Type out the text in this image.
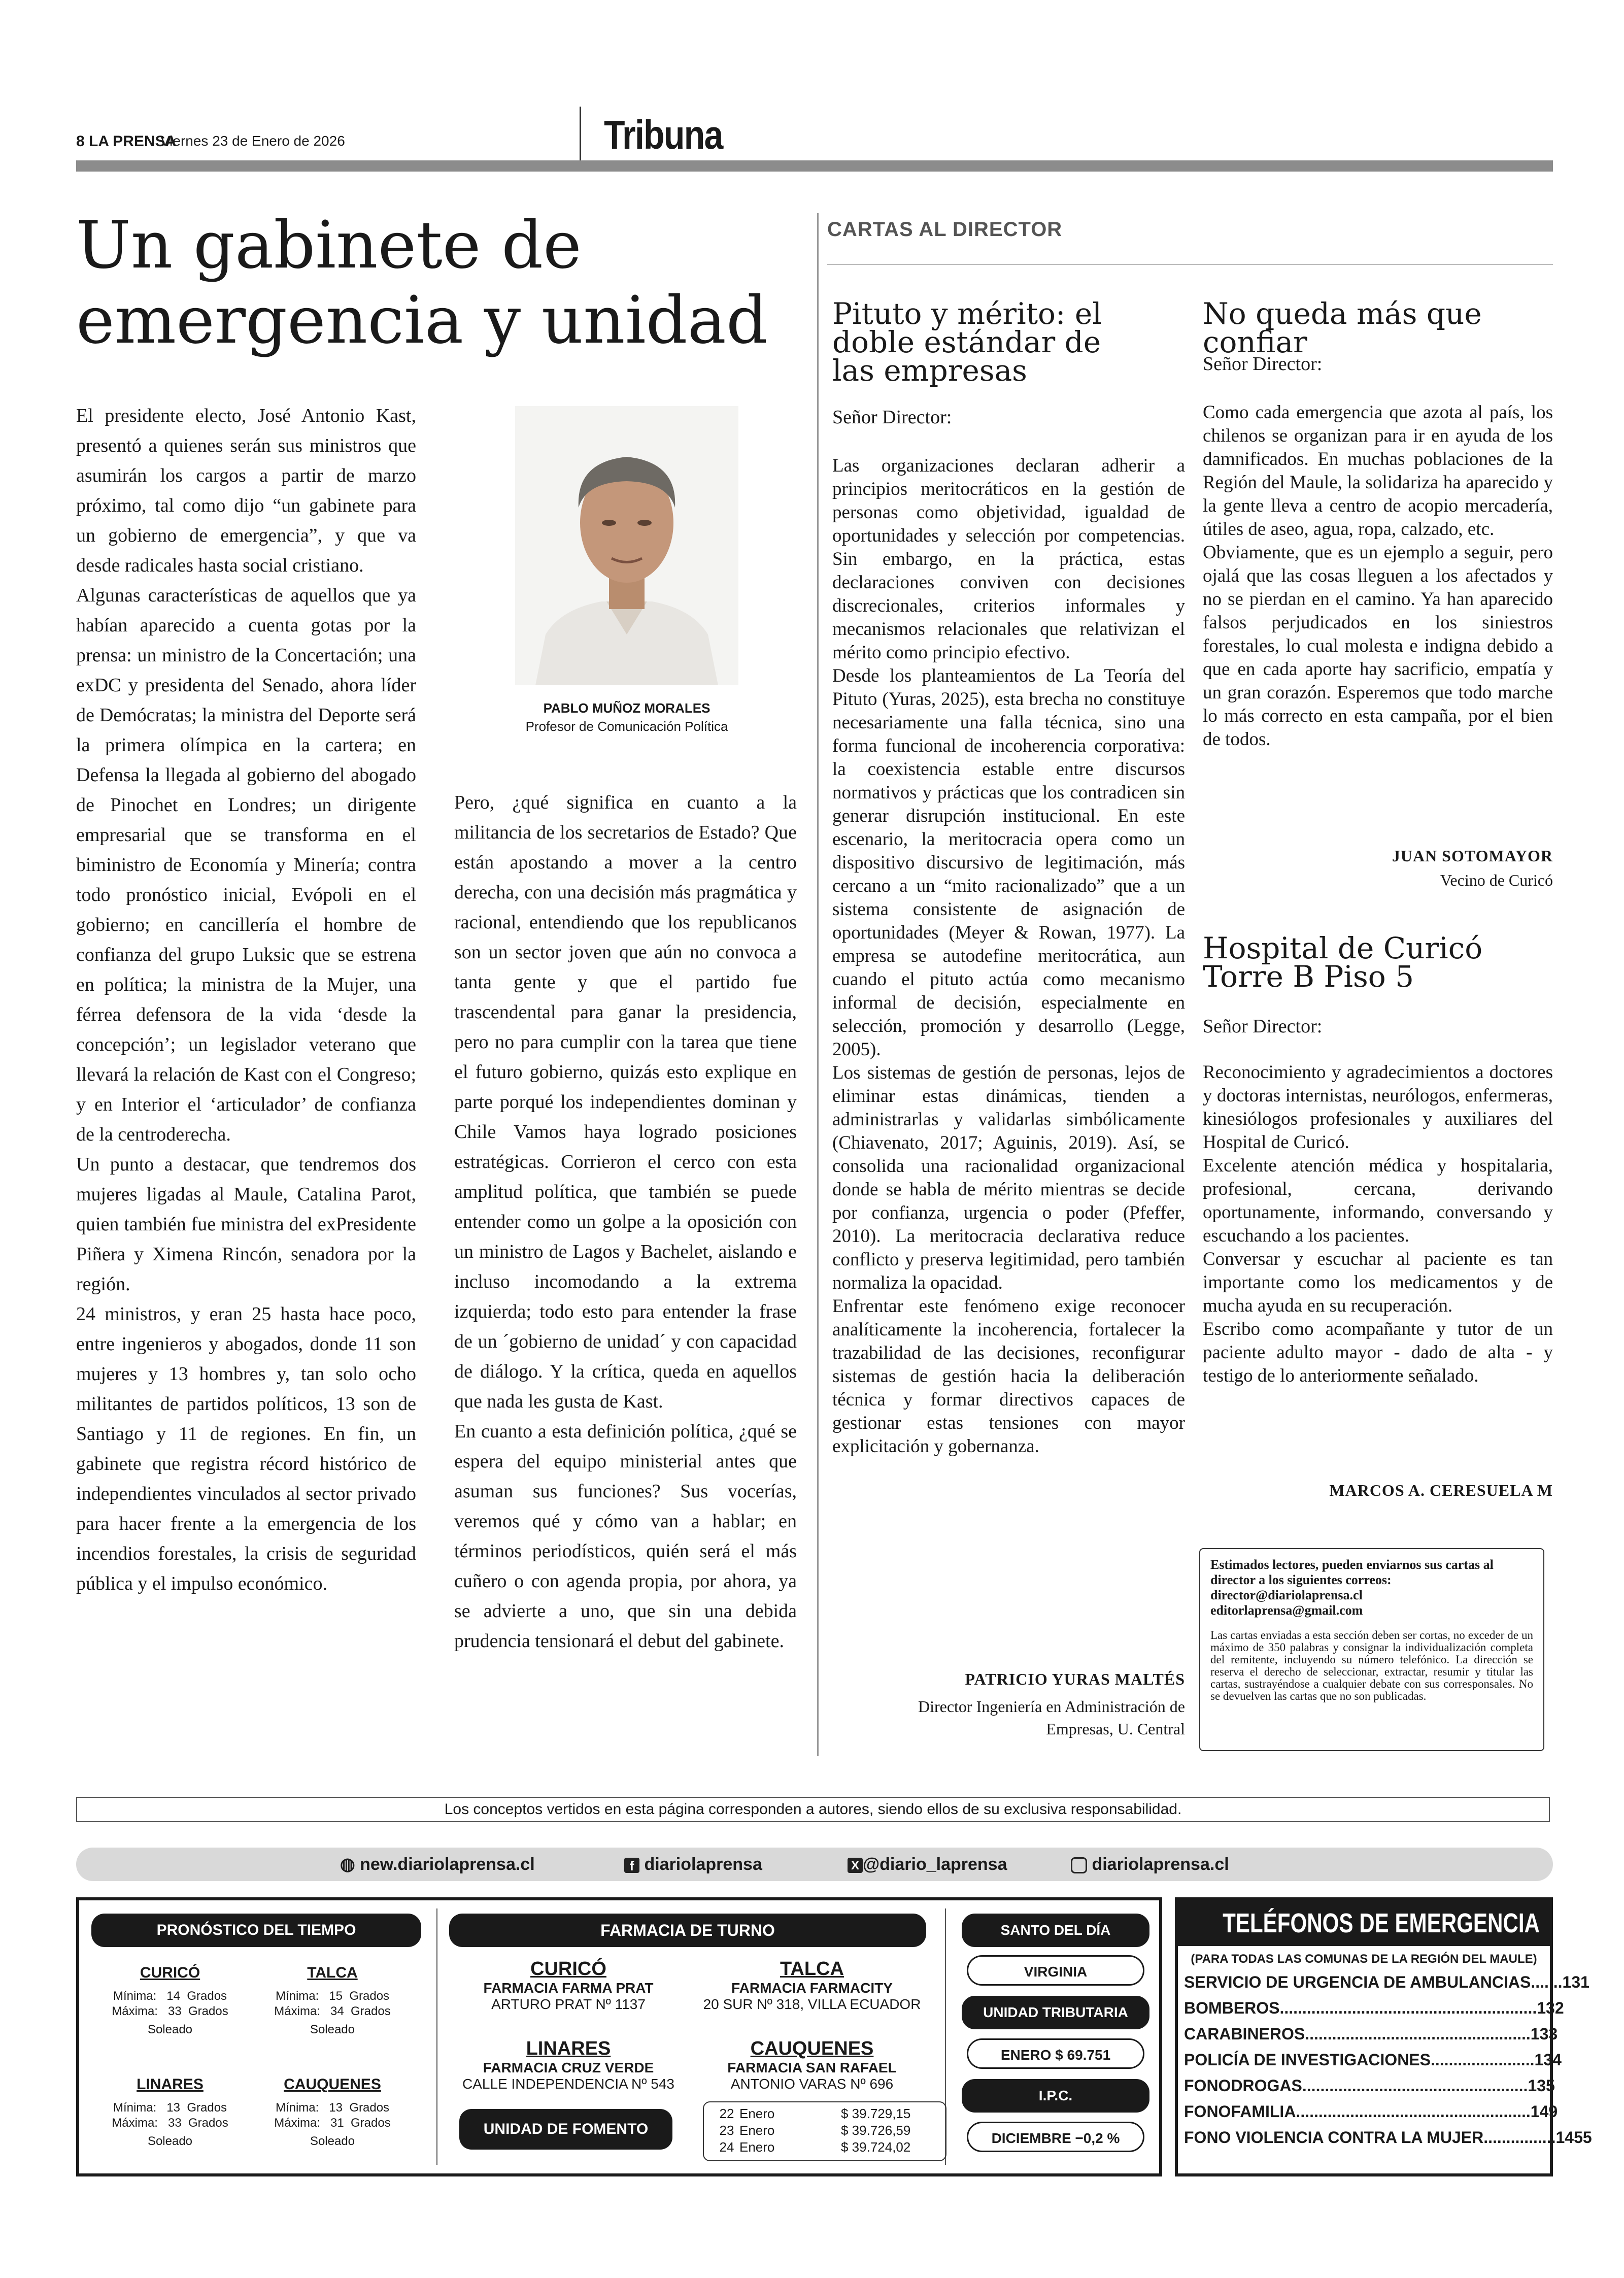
8 LA PRENSA
Viernes 23 de Enero de 2026	Tribuna
Un gabinete de
emergencia y unidad

El presidente electo, José Antonio Kast, presentó a quienes serán sus ministros que asumirán los cargos a partir de marzo próximo, tal como dijo “un gabinete para un gobierno de emergencia”, y que va desde radicales hasta social cristiano.

Algunas características de aquellos que ya habían aparecido a cuenta gotas por la prensa: un ministro de la Concertación; una exDC y presidenta del Senado, ahora líder de Demócratas; la ministra del Deporte será la primera olímpica en la cartera; en Defensa la llegada al gobierno del abogado de Pinochet en Londres; un dirigente empresarial que se transforma en el biministro de Economía y Minería; contra todo pronóstico inicial, Evópoli en el gobierno; en cancillería el hombre de confianza del grupo Luksic que se estrena en política; la ministra de la Mujer, una férrea defensora de la vida ‘desde la concepción’; un legislador veterano que llevará la relación de Kast con el Congreso; y en Interior el ‘articulador’ de confianza de la centroderecha.

Un punto a destacar, que tendremos dos mujeres ligadas al Maule, Catalina Parot, quien también fue ministra del exPresidente Piñera y Ximena Rincón, senadora por la región.

24 ministros, y eran 25 hasta hace poco, entre ingenieros y abogados, donde 11 son mujeres y 13 hombres y, tan solo ocho militantes de partidos políticos, 13 son de Santiago y 11 de regiones. En fin, un gabinete que registra récord histórico de independientes vinculados al sector privado para hacer frente a la emergencia de los incendios forestales, la crisis de seguridad pública y el impulso económico.

PABLO MUÑOZ MORALES
Profesor de Comunicación Política

Pero, ¿qué significa en cuanto a la militancia de los secretarios de Estado? Que están apostando a mover a la centro derecha, con una decisión más pragmática y racional, entendiendo que los republicanos son un sector joven que aún no convoca a tanta gente y que el partido fue trascendental para ganar la presidencia, pero no para cumplir con la tarea que tiene el futuro gobierno, quizás esto explique en parte porqué los independientes dominan y Chile Vamos haya logrado posiciones estratégicas. Corrieron el cerco con esta amplitud política, que también se puede entender como un golpe a la oposición con un ministro de Lagos y Bachelet, aislando e incluso incomodando a la extrema izquierda; todo esto para entender la frase de un ´gobierno de unidad´ y con capacidad de diálogo. Y la crítica, queda en aquellos que nada les gusta de Kast.

En cuanto a esta definición política, ¿qué se espera del equipo ministerial antes que asuman sus funciones? Sus vocerías, veremos qué y cómo van a hablar; en términos periodísticos, quién será el más cuñero o con agenda propia, por ahora, ya se advierte a uno, que sin una debida prudencia tensionará el debut del gabinete.

CARTAS AL DIRECTOR
Pituto y mérito: el doble estándar de las empresas
Señor Director:

Las organizaciones declaran adherir a principios meritocráticos en la gestión de personas como objetividad, igualdad de oportunidades y selección por competencias. Sin embargo, en la práctica, estas declaraciones conviven con decisiones discrecionales, criterios informales y mecanismos relacionales que relativizan el mérito como principio efectivo.

Desde los planteamientos de La Teoría del Pituto (Yuras, 2025), esta brecha no constituye necesariamente una falla técnica, sino una forma funcional de incoherencia corporativa: la coexistencia estable entre discursos normativos y prácticas que los contradicen sin generar disrupción institucional. En este escenario, la meritocracia opera como un dispositivo discursivo de legitimación, más cercano a un “mito racionalizado” que a un sistema consistente de asignación de oportunidades (Meyer & Rowan, 1977). La empresa se autodefine meritocrática, aun cuando el pituto actúa como mecanismo informal de decisión, especialmente en selección, promoción y desarrollo (Legge, 2005).

Los sistemas de gestión de personas, lejos de eliminar estas dinámicas, tienden a administrarlas y validarlas simbólicamente (Chiavenato, 2017; Aguinis, 2019). Así, se consolida una racionalidad organizacional donde se habla de mérito mientras se decide por confianza, urgencia o poder (Pfeffer, 2010). La meritocracia declarativa reduce conflicto y preserva legitimidad, pero también normaliza la opacidad.

Enfrentar este fenómeno exige reconocer analíticamente la incoherencia, fortalecer la trazabilidad de las decisiones, reconfigurar sistemas de gestión hacia la deliberación técnica y formar directivos capaces de gestionar estas tensiones con mayor explicitación y gobernanza.

PATRICIO YURAS MALTÉS
Director Ingeniería en Administración de
Empresas, U. Central
No queda más que confiar
Señor Director:

Como cada emergencia que azota al país, los chilenos se organizan para ir en ayuda de los damnificados. En muchas poblaciones de la Región del Maule, la solidariza ha aparecido y la gente lleva a centro de acopio mercadería, útiles de aseo, agua, ropa, calzado, etc.

Obviamente, que es un ejemplo a seguir, pero ojalá que las cosas lleguen a los afectados y no se pierdan en el camino. Ya han aparecido falsos perjudicados en los siniestros forestales, lo cual molesta e indigna debido a que en cada aporte hay sacrificio, empatía y un gran corazón. Esperemos que todo marche lo más correcto en esta campaña, por el bien de todos.

JUAN SOTOMAYOR
Vecino de Curicó
Hospital de Curicó
Torre B Piso 5
Señor Director:

Reconocimiento y agradecimientos a doctores y doctoras internistas, neurólogos, enfermeras, kinesiólogos profesionales y auxiliares del Hospital de Curicó.

Excelente atención médica y hospitalaria, profesional, cercana, derivando oportunamente, informando, conversando y escuchando a los pacientes.

Conversar y escuchar al paciente es tan importante como los medicamentos y de mucha ayuda en su recuperación.

Escribo como acompañante y tutor de un paciente adulto mayor - dado de alta - y testigo de lo anteriormente señalado.

MARCOS A. CERESUELA M
Estimados lectores, pueden enviarnos sus cartas al director a los siguientes correos:
director@diariolaprensa.cl
editorlaprensa@gmail.com
Las cartas enviadas a esta sección deben ser cortas, no exceder de un máximo de 350 palabras y consignar la individualización completa del remitente, incluyendo su número telefónico. La dirección se reserva el derecho de seleccionar, extractar, resumir y titular las cartas, sustrayéndose a cualquier debate con sus corresponsales. No se devuelven las cartas que no son publicadas.
Los conceptos vertidos en esta página corresponden a autores, siendo ellos de su exclusiva responsabilidad.
◍ new.diariolaprensa.cl	f diariolaprensa	X @diario_laprensa	diariolaprensa.cl
PRONÓSTICO DEL TIEMPO
CURICÓ
Mínima:   14  Grados
Máxima:   33  Grados
Soleado
TALCA
Mínima:   15  Grados
Máxima:   34  Grados
Soleado
LINARES
Mínima:   13  Grados
Máxima:   33  Grados
Soleado
CAUQUENES
Mínima:   13  Grados
Máxima:   31  Grados
Soleado
FARMACIA DE TURNO
CURICÓ
FARMACIA FARMA PRAT
ARTURO PRAT Nº 1137
TALCA
FARMACIA FARMACITY
20 SUR Nº 318, VILLA ECUADOR
LINARES
FARMACIA CRUZ VERDE
CALLE INDEPENDENCIA Nº 543
CAUQUENES
FARMACIA SAN RAFAEL
ANTONIO VARAS Nº 696
UNIDAD DE FOMENTO
22 Enero	$ 39.729,15
23 Enero	$ 39.726,59
24 Enero	$ 39.724,02
SANTO DEL DÍA
VIRGINIA
UNIDAD TRIBUTARIA
ENERO $ 69.751
I.P.C.
DICIEMBRE −0,2 %
TELÉFONOS DE EMERGENCIA
(PARA TODAS LAS COMUNAS DE LA REGIÓN DEL MAULE)
SERVICIO DE URGENCIA DE AMBULANCIAS.......131
BOMBEROS.........................................................132
CARABINEROS..................................................133
POLICÍA DE INVESTIGACIONES.......................134
FONODROGAS..................................................135
FONOFAMILIA....................................................149
FONO VIOLENCIA CONTRA LA MUJER................1455
